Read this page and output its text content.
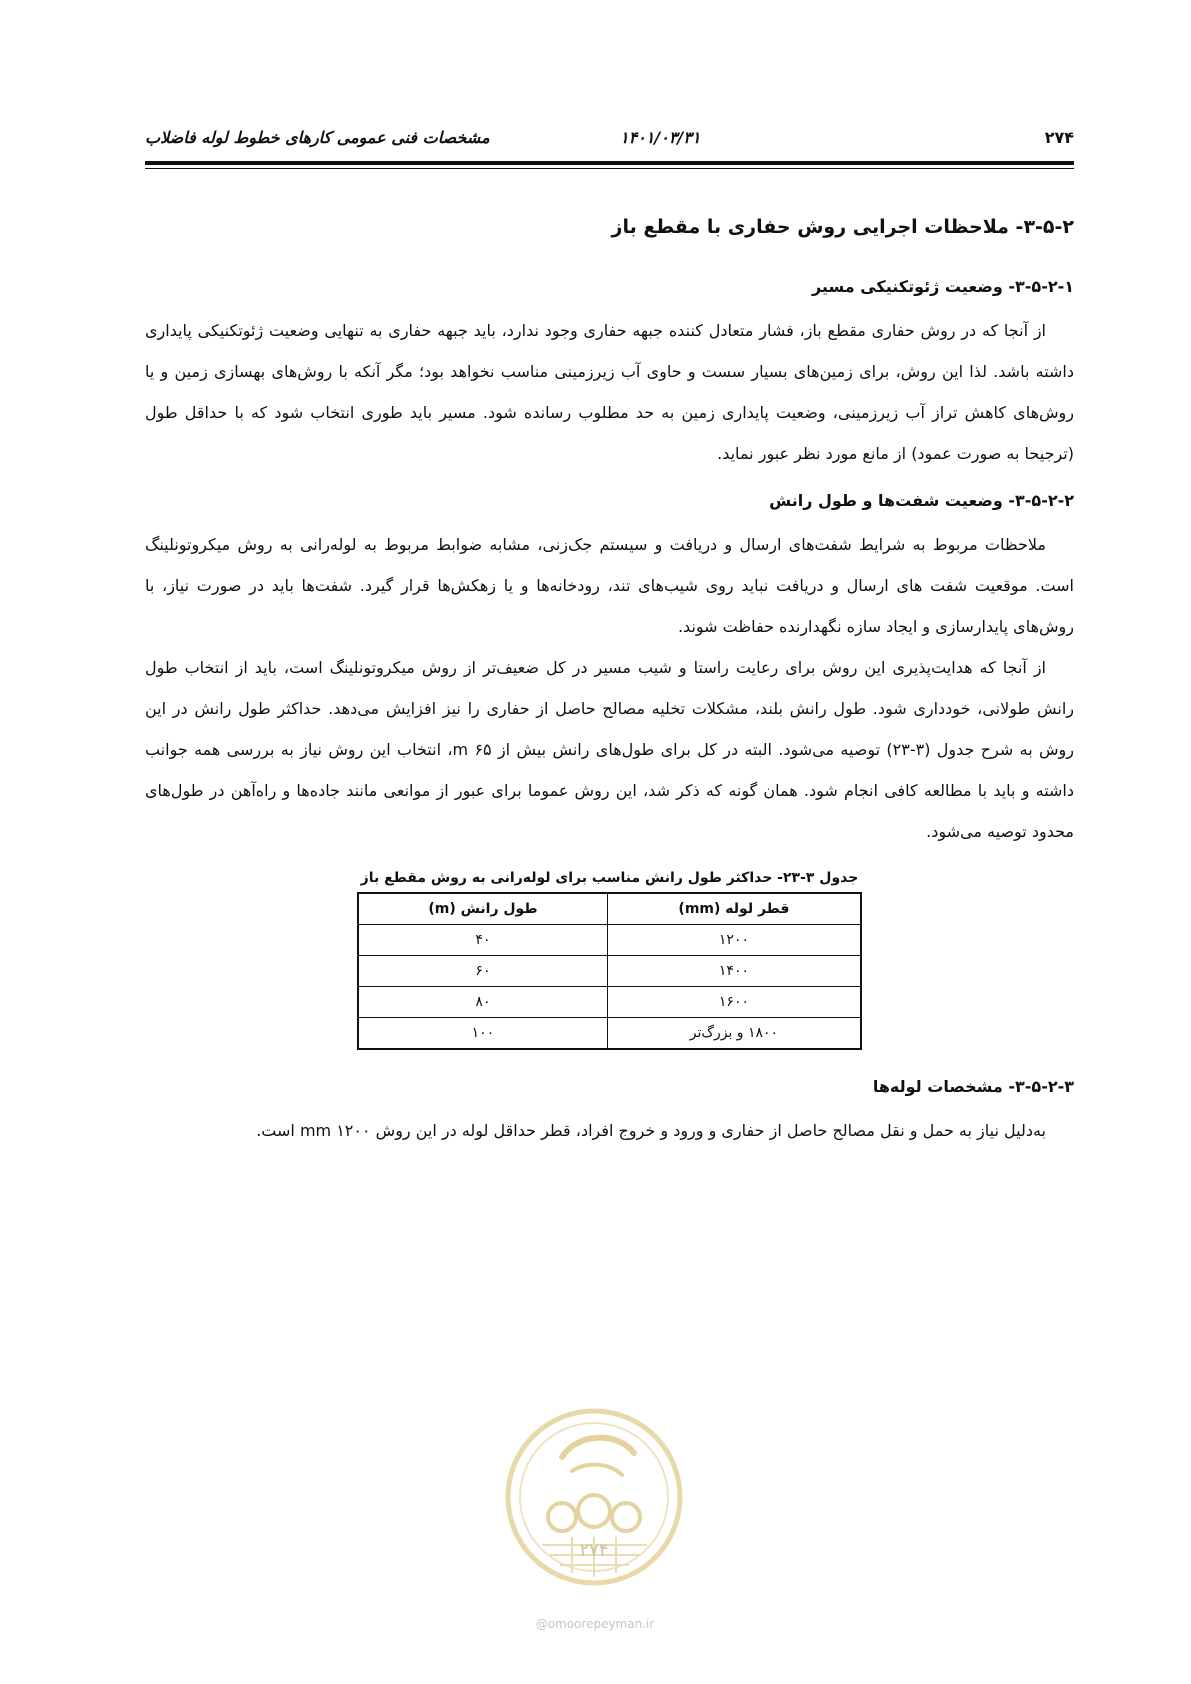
۲۷۴
۱۴۰۱/۰۳/۳۱
مشخصات فنی عمومی کارهای خطوط لوله فاضلاب
۳-۵-۲- ملاحظات اجرایی روش حفاری با مقطع باز
۳-۵-۲-۱- وضعیت ژئوتکنیکی مسیر

از آنجا که در روش حفاری مقطع باز، فشار متعادل کننده جبهه حفاری وجود ندارد، باید جبهه حفاری به تنهایی وضعیت ژئوتکنیکی پایداری داشته باشد. لذا این روش، برای زمین‌های بسیار سست و حاوی آب زیرزمینی مناسب نخواهد بود؛ مگر آنکه با روش‌های بهسازی زمین و یا روش‌های کاهش تراز آب زیرزمینی، وضعیت پایداری زمین به حد مطلوب رسانده شود. مسیر باید طوری انتخاب شود که با حداقل طول (ترجیحا به صورت عمود) از مانع مورد نظر عبور نماید.

۳-۵-۲-۲- وضعیت شفت‌ها و طول رانش

ملاحظات مربوط به شرایط شفت‌های ارسال و دریافت و سیستم جک‌زنی، مشابه ضوابط مربوط به لوله‌رانی به روش میکروتونلینگ است. موقعیت شفت های ارسال و دریافت نباید روی شیب‌های تند، رودخانه‌ها و یا زهکش‌ها قرار گیرد. شفت‌ها باید در صورت نیاز، با روش‌های پایدارسازی و ایجاد سازه نگهدارنده حفاظت شوند.

از آنجا که هدایت‌پذیری این روش برای رعایت راستا و شیب مسیر در کل ضعیف‌تر از روش میکروتونلینگ است، باید از انتخاب طول رانش طولانی، خودداری شود. طول رانش بلند، مشکلات تخلیه مصالح حاصل از حفاری را نیز افزایش می‌دهد. حداکثر طول رانش در این روش به شرح جدول (۳-۲۳) توصیه می‌شود. البته در کل برای طول‌های رانش بیش از ۶۵ m، انتخاب این روش نیاز به بررسی همه جوانب داشته و باید با مطالعه کافی انجام شود. همان گونه که ذکر شد، این روش عموما برای عبور از موانعی مانند جاده‌ها و راه‌آهن در طول‌های محدود توصیه می‌شود.

جدول ۳-۲۳- حداکثر طول رانش مناسب برای لوله‌رانی به روش مقطع باز
قطر لوله (mm)	طول رانش (m)
۱۲۰۰	۴۰
۱۴۰۰	۶۰
۱۶۰۰	۸۰
۱۸۰۰ و بزرگ‌تر	۱۰۰
۳-۵-۲-۳- مشخصات لوله‌ها

به‌دلیل نیاز به حمل و نقل مصالح حاصل از حفاری و ورود و خروج افراد، قطر حداقل لوله در این روش mm ۱۲۰۰ است.

۲۷۴
@omoorepeyman.ir
